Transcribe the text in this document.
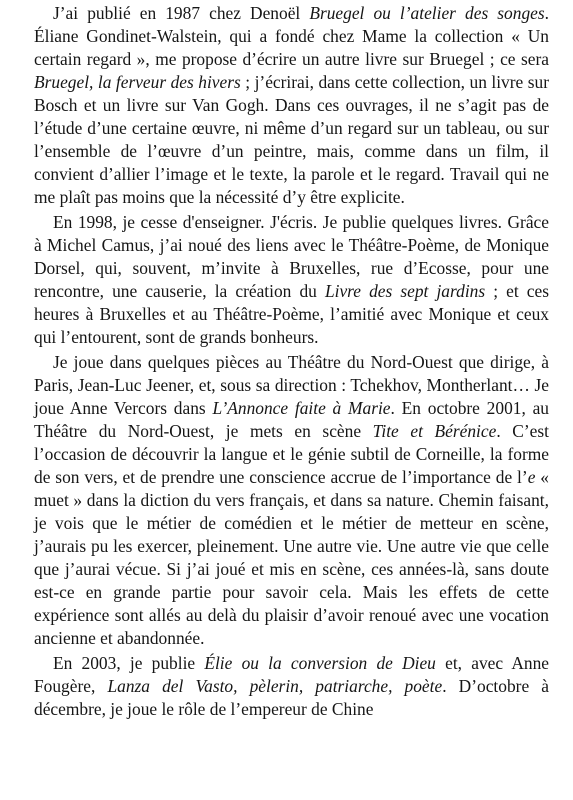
J’ai publié en 1987 chez Denoël Bruegel ou l’atelier des songes. Éliane Gondinet-Walstein, qui a fondé chez Mame la collection « Un certain regard », me propose d’écrire un autre livre sur Bruegel ; ce sera Bruegel, la ferveur des hivers ; j’écrirai, dans cette collection, un livre sur Bosch et un livre sur Van Gogh. Dans ces ouvrages, il ne s’agit pas de l’étude d’une certaine œuvre, ni même d’un regard sur un tableau, ou sur l’ensemble de l’œuvre d’un peintre, mais, comme dans un film, il convient d’allier l’image et le texte, la parole et le regard. Travail qui ne me plaît pas moins que la nécessité d’y être explicite.

En 1998, je cesse d'enseigner. J'écris. Je publie quelques livres. Grâce à Michel Camus, j’ai noué des liens avec le Théâtre-Poème, de Monique Dorsel, qui, souvent, m’invite à Bruxelles, rue d’Ecosse, pour une rencontre, une causerie, la création du Livre des sept jardins ; et ces heures à Bruxelles et au Théâtre-Poème, l’amitié avec Monique et ceux qui l’entourent, sont de grands bonheurs.

Je joue dans quelques pièces au Théâtre du Nord-Ouest que dirige, à Paris, Jean-Luc Jeener, et, sous sa direction : Tchekhov, Montherlant… Je joue Anne Vercors dans L’Annonce faite à Marie. En octobre 2001, au Théâtre du Nord-Ouest, je mets en scène Tite et Bérénice. C’est l’occasion de découvrir la langue et le génie subtil de Corneille, la forme de son vers, et de prendre une conscience accrue de l’importance de l’e « muet » dans la diction du vers français, et dans sa nature. Chemin faisant, je vois que le métier de comédien et le métier de metteur en scène, j’aurais pu les exercer, pleinement. Une autre vie. Une autre vie que celle que j’aurai vécue. Si j’ai joué et mis en scène, ces années-là, sans doute est-ce en grande partie pour savoir cela. Mais les effets de cette expérience sont allés au delà du plaisir d’avoir renoué avec une vocation ancienne et abandonnée.

En 2003, je publie Élie ou la conversion de Dieu et, avec Anne Fougère, Lanza del Vasto, pèlerin, patriarche, poète. D’octobre à décembre, je joue le rôle de l’empereur de Chine
